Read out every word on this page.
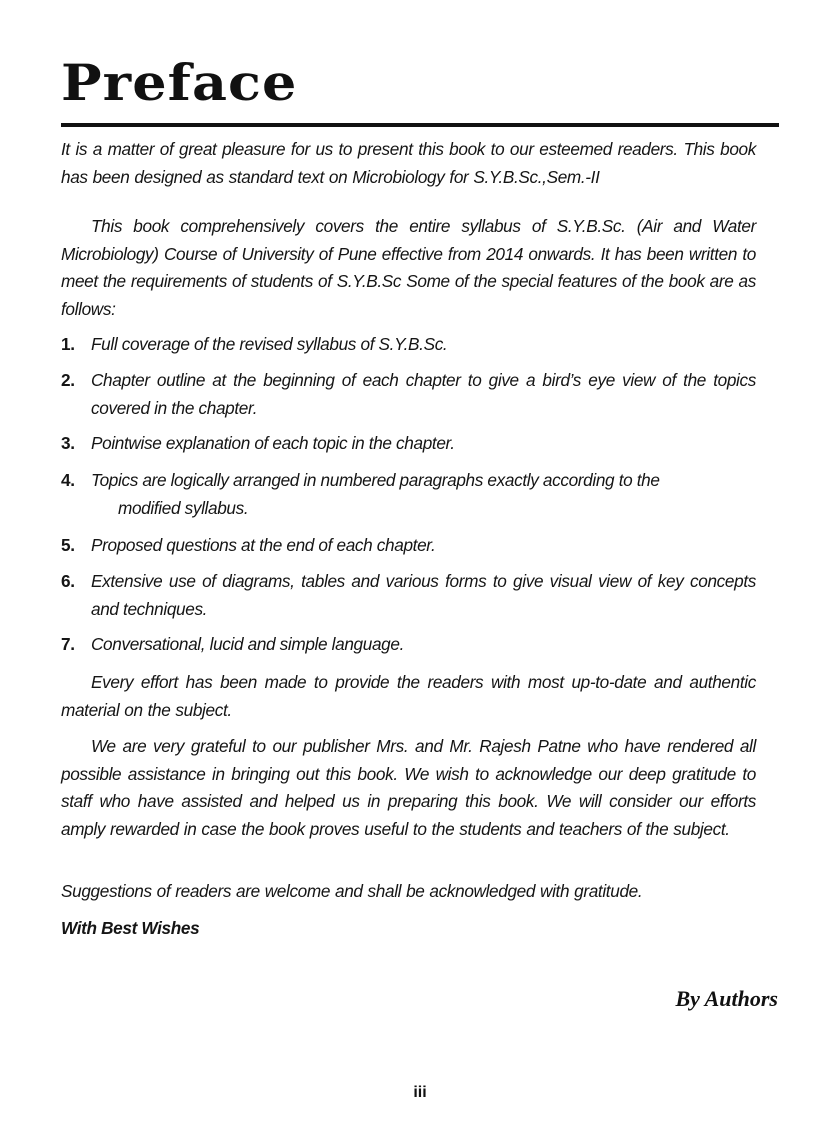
Preface

It is a matter of great pleasure for us to present this book to our esteemed readers. This book has been designed as standard text on Microbiology for S.Y.B.Sc.,Sem.-II

This book comprehensively covers the entire syllabus of S.Y.B.Sc. (Air and Water Microbiology) Course of University of Pune effective from 2014 onwards. It has been written to meet the requirements of students of S.Y.B.Sc Some of the special features of the book are as follows:

1. Full coverage of the revised syllabus of S.Y.B.Sc.
2. Chapter outline at the beginning of each chapter to give a bird’s eye view of the topics covered in the chapter.
3. Pointwise explanation of each topic in the chapter.
4. Topics are logically arranged in numbered paragraphs exactly according to the
modified syllabus.
5. Proposed questions at the end of each chapter.
6. Extensive use of diagrams, tables and various forms to give visual view of key concepts and techniques.
7. Conversational, lucid and simple language.

Every effort has been made to provide the readers with most up-to-date and authentic material on the subject.

We are very grateful to our publisher Mrs. and Mr. Rajesh Patne who have rendered all possible assistance in bringing out this book. We wish to acknowledge our deep gratitude to staff who have assisted and helped us in preparing this book. We will consider our efforts amply rewarded in case the book proves useful to the students and teachers of the subject.

Suggestions of readers are welcome and shall be acknowledged with gratitude.

With Best Wishes
By Authors
iii
